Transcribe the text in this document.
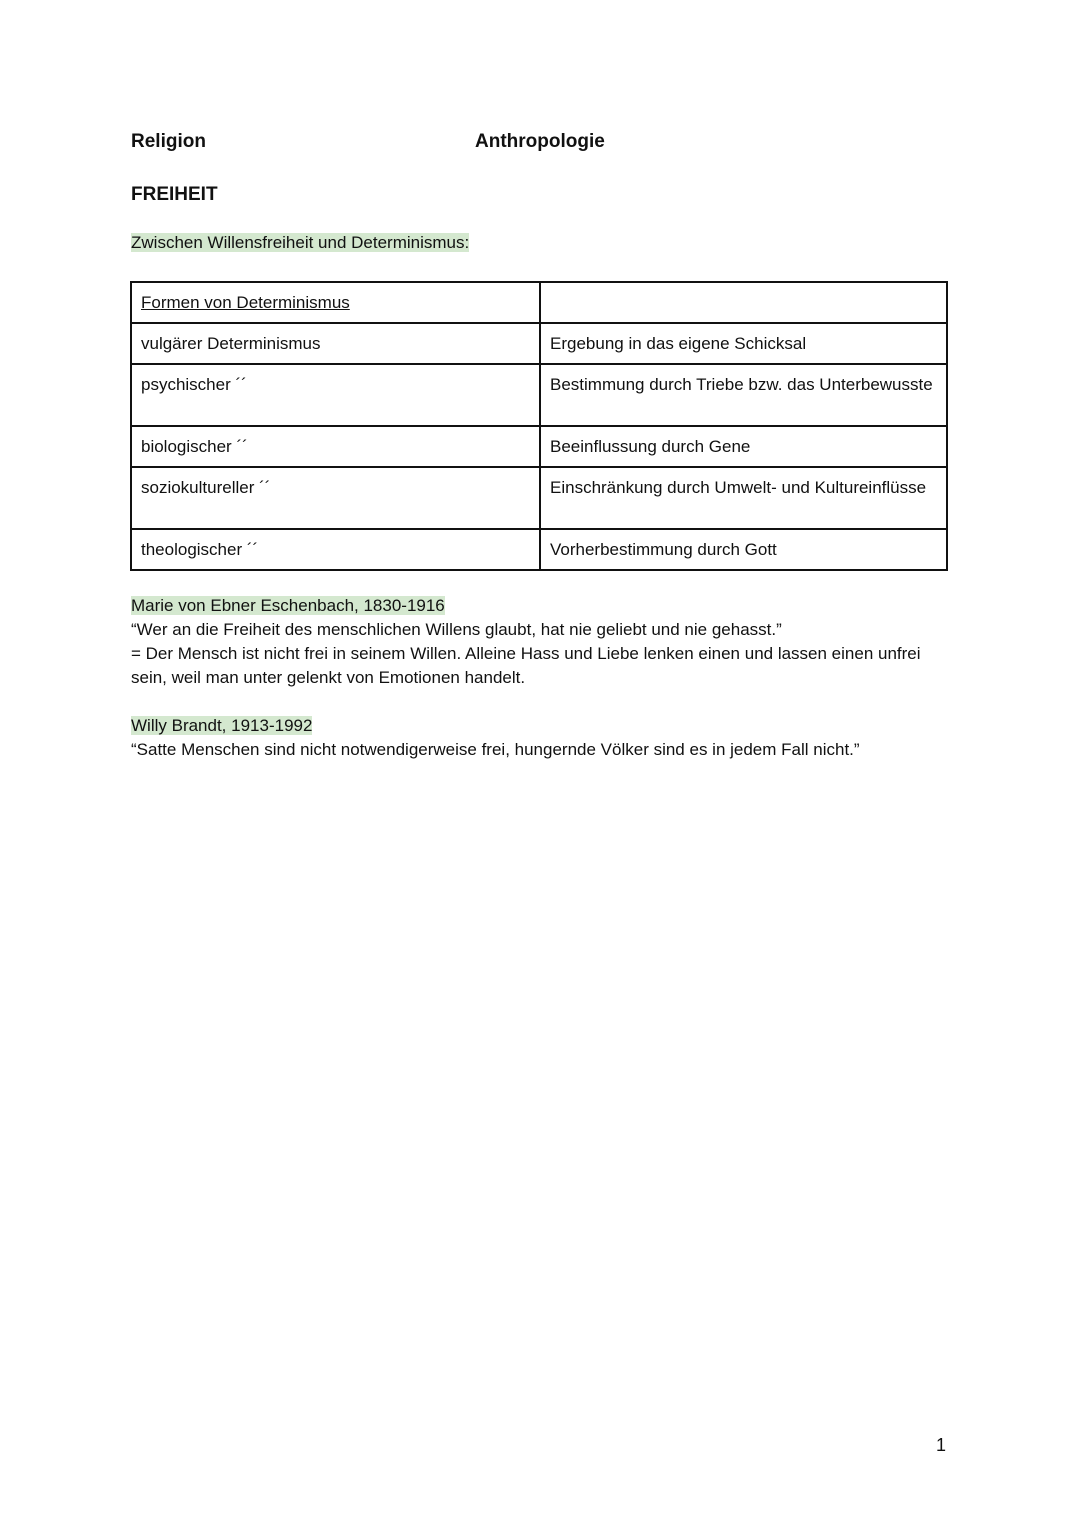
Religion	Anthropologie
FREIHEIT
Zwischen Willensfreiheit und Determinismus:
Formen von Determinismus	
vulgärer Determinismus	Ergebung in das eigene Schicksal
psychischer ´´	Bestimmung durch Triebe bzw. das Unterbewusste
biologischer ´´	Beeinflussung durch Gene
soziokultureller ´´	Einschränkung durch Umwelt- und Kultureinflüsse
theologischer ´´	Vorherbestimmung durch Gott
Marie von Ebner Eschenbach, 1830-1916
“Wer an die Freiheit des menschlichen Willens glaubt, hat nie geliebt und nie gehasst.”
= Der Mensch ist nicht frei in seinem Willen. Alleine Hass und Liebe lenken einen und lassen einen unfrei sein, weil man unter gelenkt von Emotionen handelt.
Willy Brandt, 1913-1992
“Satte Menschen sind nicht notwendigerweise frei, hungernde Völker sind es in jedem Fall nicht.”
1
